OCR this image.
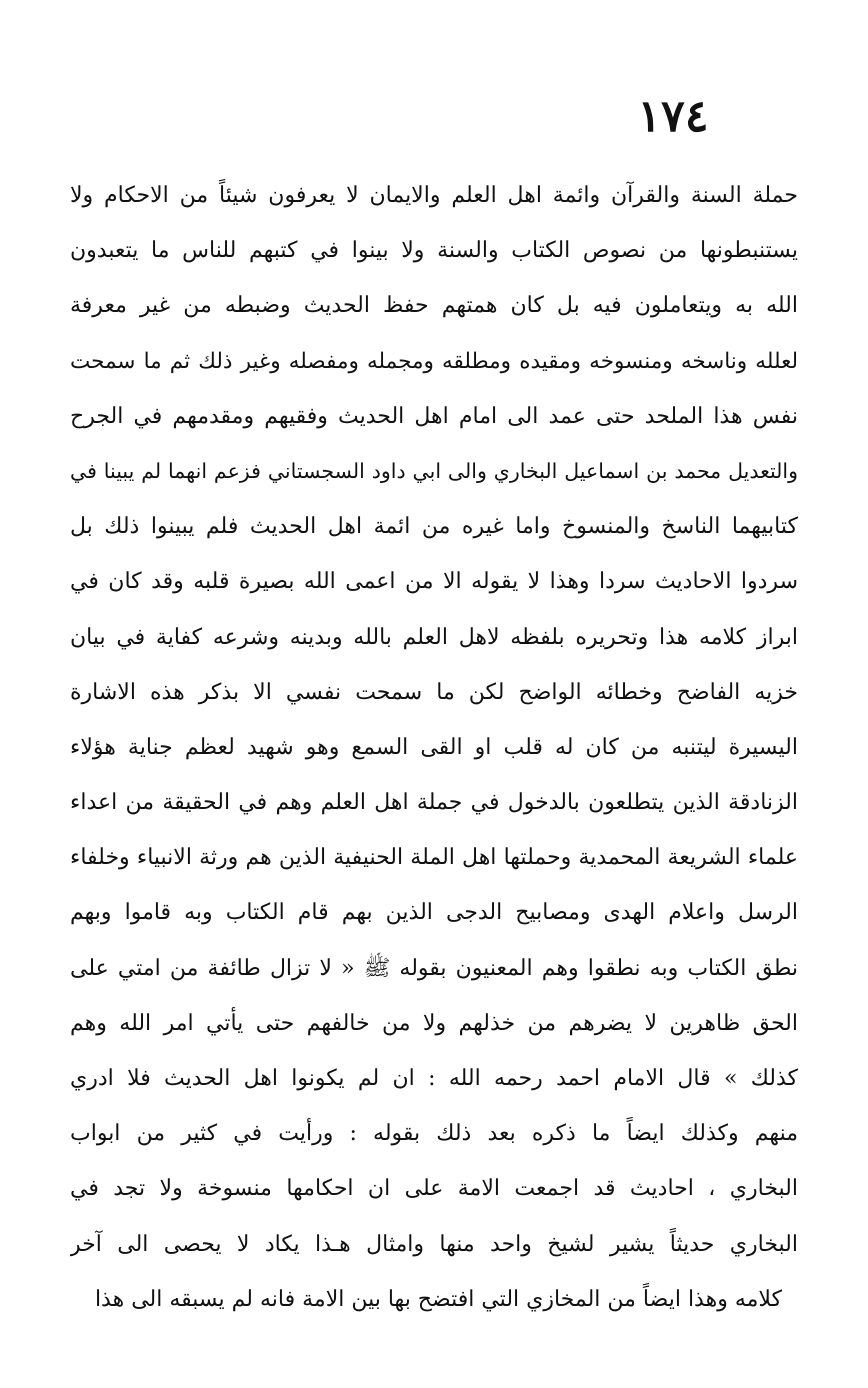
١٧٤
حملة السنة والقرآن وائمة اهل العلم والايمان لا يعرفون شيئاً من الاحكام ولا
يستنبطونها من نصوص الكتاب والسنة ولا بينوا في كتبهم للناس ما يتعبدون
الله به ويتعاملون فيه بل كان همتهم حفظ الحديث وضبطه من غير معرفة
لعلله وناسخه ومنسوخه ومقيده ومطلقه ومجمله ومفصله وغير ذلك ثم ما سمحت
نفس هذا الملحد حتى عمد الى امام اهل الحديث وفقيهم ومقدمهم في الجرح
والتعديل محمد بن اسماعيل البخاري والى ابي داود السجستاني فزعم انهما لم يبينا في
كتابيهما الناسخ والمنسوخ واما غيره من ائمة اهل الحديث فلم يبينوا ذلك بل
سردوا الاحاديث سردا وهذا لا يقوله الا من اعمى الله بصيرة قلبه وقد كان في
ابراز كلامه هذا وتحريره بلفظه لاهل العلم بالله وبدينه وشرعه كفاية في بيان
خزيه الفاضح وخطائه الواضح لكن ما سمحت نفسي الا بذكر هذه الاشارة
اليسيرة ليتنبه من كان له قلب او القى السمع وهو شهيد لعظم جناية هؤلاء
الزنادقة الذين يتطلعون بالدخول في جملة اهل العلم وهم في الحقيقة من اعداء
علماء الشريعة المحمدية وحملتها اهل الملة الحنيفية الذين هم ورثة الانبياء وخلفاء
الرسل واعلام الهدى ومصابيح الدجى الذين بهم قام الكتاب وبه قاموا وبهم
نطق الكتاب وبه نطقوا وهم المعنيون بقوله ﷺ « لا تزال طائفة من امتي على
الحق ظاهرين لا يضرهم من خذلهم ولا من خالفهم حتى يأتي امر الله وهم
كذلك » قال الامام احمد رحمه الله : ان لم يكونوا اهل الحديث فلا ادري
منهم وكذلك ايضاً ما ذكره بعد ذلك بقوله : ورأيت في كثير من ابواب
البخاري ، احاديث قد اجمعت الامة على ان احكامها منسوخة ولا تجد في
البخاري حديثاً يشير لشيخ واحد منها وامثال هـذا يكاد لا يحصى الى آخر
كلامه وهذا ايضاً من المخازي التي افتضح بها بين الامة فانه لم يسبقه الى هذا
